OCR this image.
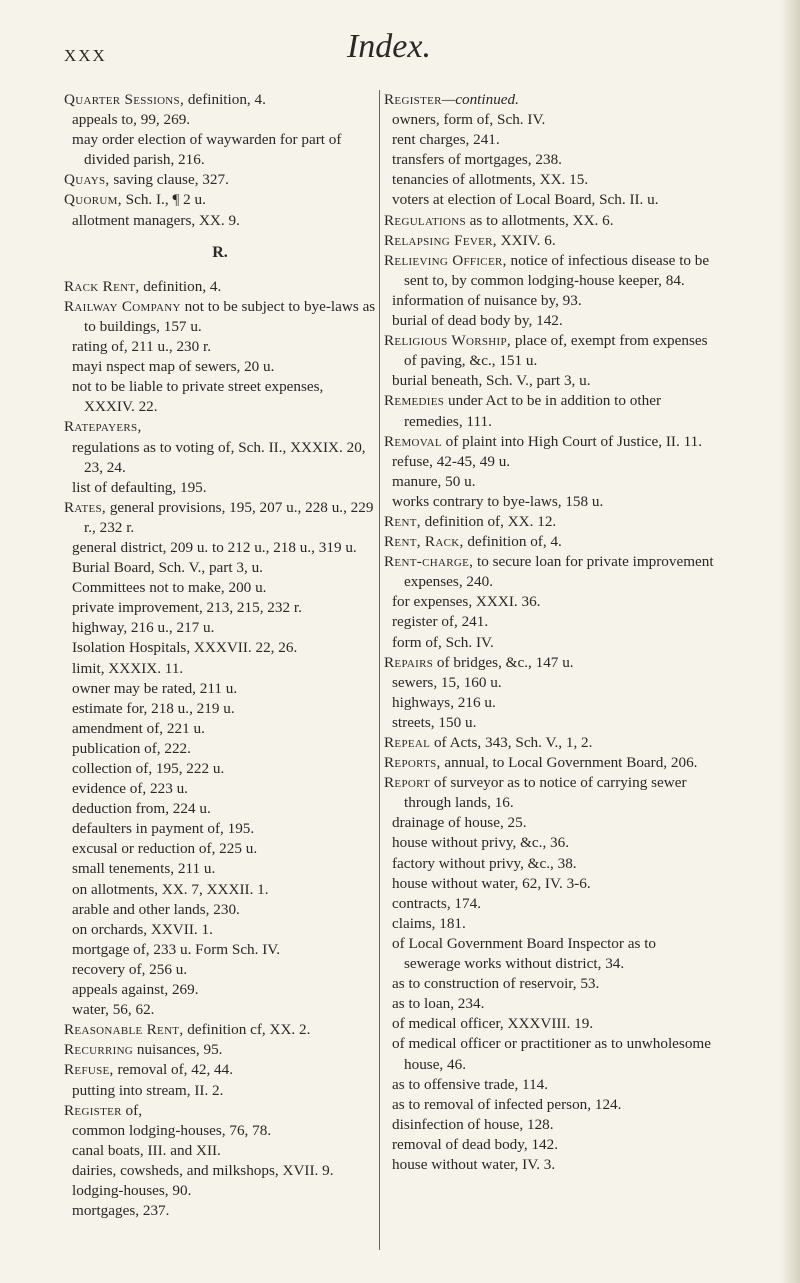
XXX	Index.

Quarter Sessions, definition, 4.

appeals to, 99, 269.

may order election of waywarden for part of divided parish, 216.

Quays, saving clause, 327.

Quorum, Sch. I., ¶ 2 u.

allotment managers, XX. 9.

R.

Rack Rent, definition, 4.

Railway Company not to be subject to bye-laws as to buildings, 157 u.

rating of, 211 u., 230 r.

mayi nspect map of sewers, 20 u.

not to be liable to private street expenses, XXXIV. 22.

Ratepayers,

regulations as to voting of, Sch. II., XXXIX. 20, 23, 24.

list of defaulting, 195.

Rates, general provisions, 195, 207 u., 228 u., 229 r., 232 r.

general district, 209 u. to 212 u., 218 u., 319 u.

Burial Board, Sch. V., part 3, u.

Committees not to make, 200 u.

private improvement, 213, 215, 232 r.

highway, 216 u., 217 u.

Isolation Hospitals, XXXVII. 22, 26.

limit, XXXIX. 11.

owner may be rated, 211 u.

estimate for, 218 u., 219 u.

amendment of, 221 u.

publication of, 222.

collection of, 195, 222 u.

evidence of, 223 u.

deduction from, 224 u.

defaulters in payment of, 195.

excusal or reduction of, 225 u.

small tenements, 211 u.

on allotments, XX. 7, XXXII. 1.

arable and other lands, 230.

on orchards, XXVII. 1.

mortgage of, 233 u. Form Sch. IV.

recovery of, 256 u.

appeals against, 269.

water, 56, 62.

Reasonable Rent, definition cf, XX. 2.

Recurring nuisances, 95.

Refuse, removal of, 42, 44.

putting into stream, II. 2.

Register of,

common lodging-houses, 76, 78.

canal boats, III. and XII.

dairies, cowsheds, and milkshops, XVII. 9.

lodging-houses, 90.

mortgages, 237.

Register—continued.

owners, form of, Sch. IV.

rent charges, 241.

transfers of mortgages, 238.

tenancies of allotments, XX. 15.

voters at election of Local Board, Sch. II. u.

Regulations as to allotments, XX. 6.

Relapsing Fever, XXIV. 6.

Relieving Officer, notice of infectious disease to be sent to, by common lodging-house keeper, 84.

information of nuisance by, 93.

burial of dead body by, 142.

Religious Worship, place of, exempt from expenses of paving, &c., 151 u.

burial beneath, Sch. V., part 3, u.

Remedies under Act to be in addition to other remedies, 111.

Removal of plaint into High Court of Justice, II. 11.

refuse, 42-45, 49 u.

manure, 50 u.

works contrary to bye-laws, 158 u.

Rent, definition of, XX. 12.

Rent, Rack, definition of, 4.

Rent-charge, to secure loan for private improvement expenses, 240.

for expenses, XXXI. 36.

register of, 241.

form of, Sch. IV.

Repairs of bridges, &c., 147 u.

sewers, 15, 160 u.

highways, 216 u.

streets, 150 u.

Repeal of Acts, 343, Sch. V., 1, 2.

Reports, annual, to Local Government Board, 206.

Report of surveyor as to notice of carrying sewer through lands, 16.

drainage of house, 25.

house without privy, &c., 36.

factory without privy, &c., 38.

house without water, 62, IV. 3-6.

contracts, 174.

claims, 181.

of Local Government Board Inspector as to sewerage works without district, 34.

as to construction of reservoir, 53.

as to loan, 234.

of medical officer, XXXVIII. 19.

of medical officer or practitioner as to unwholesome house, 46.

as to offensive trade, 114.

as to removal of infected person, 124.

disinfection of house, 128.

removal of dead body, 142.

house without water, IV. 3.
